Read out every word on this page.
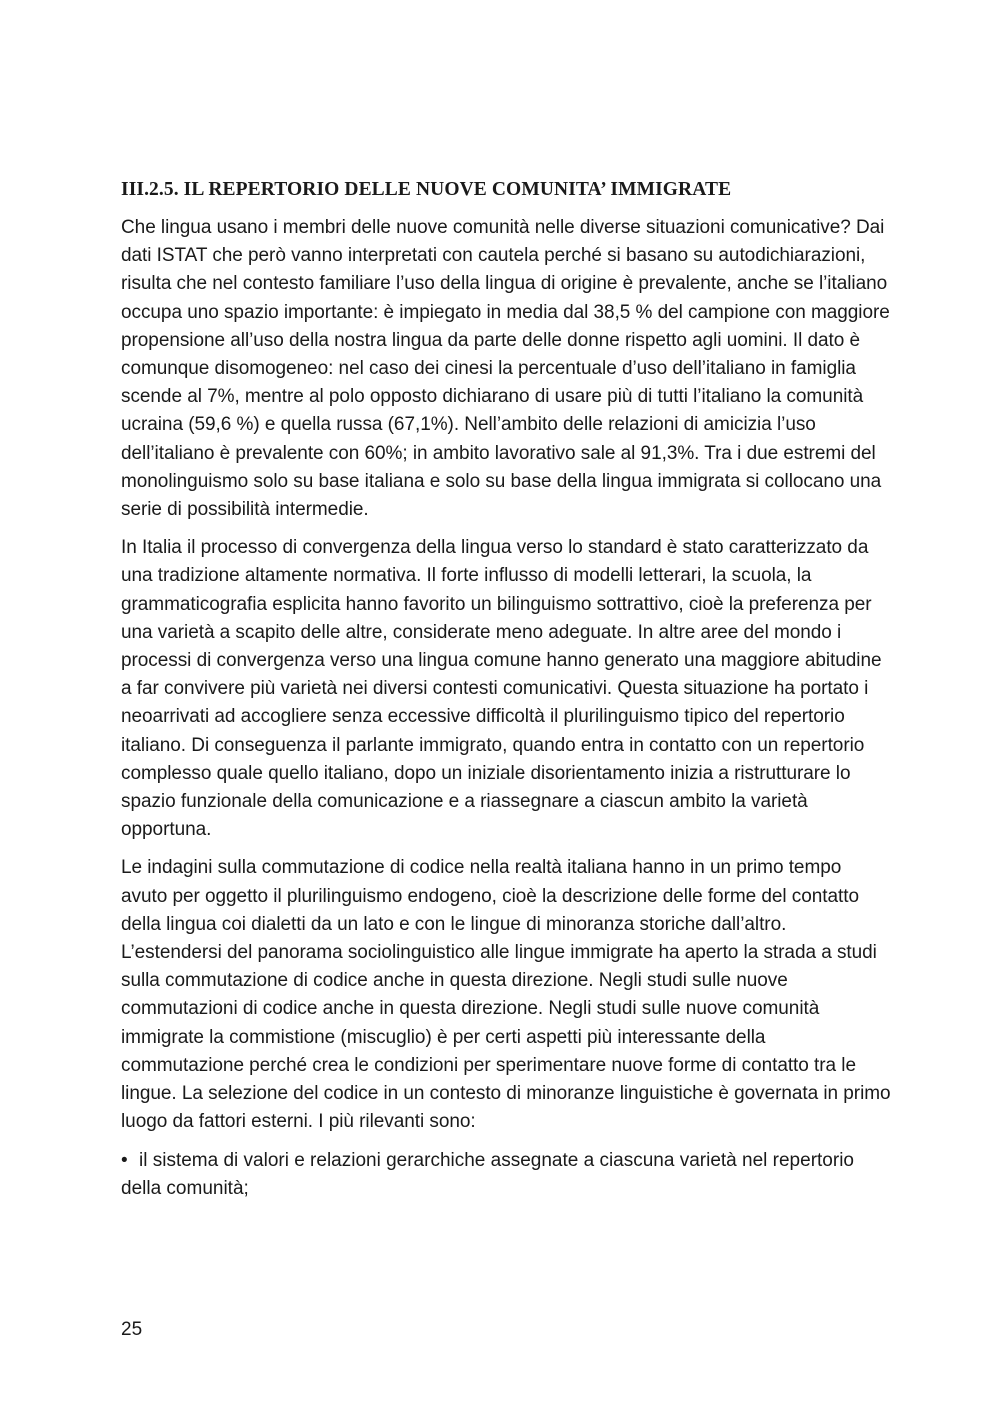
III.2.5. IL REPERTORIO DELLE NUOVE COMUNITA’ IMMIGRATE

Che lingua usano i membri delle nuove comunità nelle diverse situazioni comunicative? Dai dati ISTAT che però vanno interpretati con cautela perché si basano su autodichiarazioni, risulta che nel contesto familiare l’uso della lingua di origine è prevalente, anche se l’italiano occupa uno spazio importante: è impiegato in media dal 38,5 % del campione con maggiore propensione all’uso della nostra lingua da parte delle donne rispetto agli uomini. Il dato è comunque disomogeneo: nel caso dei cinesi la percentuale d’uso dell’italiano in famiglia scende al 7%, mentre al polo opposto dichiarano di usare più di tutti l’italiano la comunità ucraina (59,6 %) e quella russa (67,1%). Nell’ambito delle relazioni di amicizia l’uso dell’italiano è prevalente con 60%; in ambito lavorativo sale al 91,3%. Tra i due estremi del monolinguismo solo su base italiana e solo su base della lingua immigrata si collocano una serie di possibilità intermedie.

In Italia il processo di convergenza della lingua verso lo standard è stato caratterizzato da una tradizione altamente normativa. Il forte influsso di modelli letterari, la scuola, la grammaticografia esplicita hanno favorito un bilinguismo sottrattivo, cioè la preferenza per una varietà a scapito delle altre, considerate meno adeguate. In altre aree del mondo i processi di convergenza verso una lingua comune hanno generato una maggiore abitudine a far convivere più varietà nei diversi contesti comunicativi. Questa situazione ha portato i neoarrivati ad accogliere senza eccessive difficoltà il plurilinguismo tipico del repertorio italiano. Di conseguenza il parlante immigrato, quando entra in contatto con un repertorio complesso quale quello italiano, dopo un iniziale disorientamento inizia a ristrutturare lo spazio funzionale della comunicazione e a riassegnare a ciascun ambito la varietà opportuna.

Le indagini sulla commutazione di codice nella realtà italiana hanno in un primo tempo avuto per oggetto il plurilinguismo endogeno, cioè la descrizione delle forme del contatto della lingua coi dialetti da un lato e con le lingue di minoranza storiche dall’altro. L’estendersi del panorama sociolinguistico alle lingue immigrate ha aperto la strada a studi sulla commutazione di codice anche in questa direzione. Negli studi sulle nuove commutazioni di codice anche in questa direzione. Negli studi sulle nuove comunità immigrate la commistione (miscuglio) è per certi aspetti più interessante della commutazione perché crea le condizioni per sperimentare nuove forme di contatto tra le lingue. La selezione del codice in un contesto di minoranze linguistiche è governata in primo luogo da fattori esterni. I più rilevanti sono:

• il sistema di valori e relazioni gerarchiche assegnate a ciascuna varietà nel repertorio della comunità;

25
